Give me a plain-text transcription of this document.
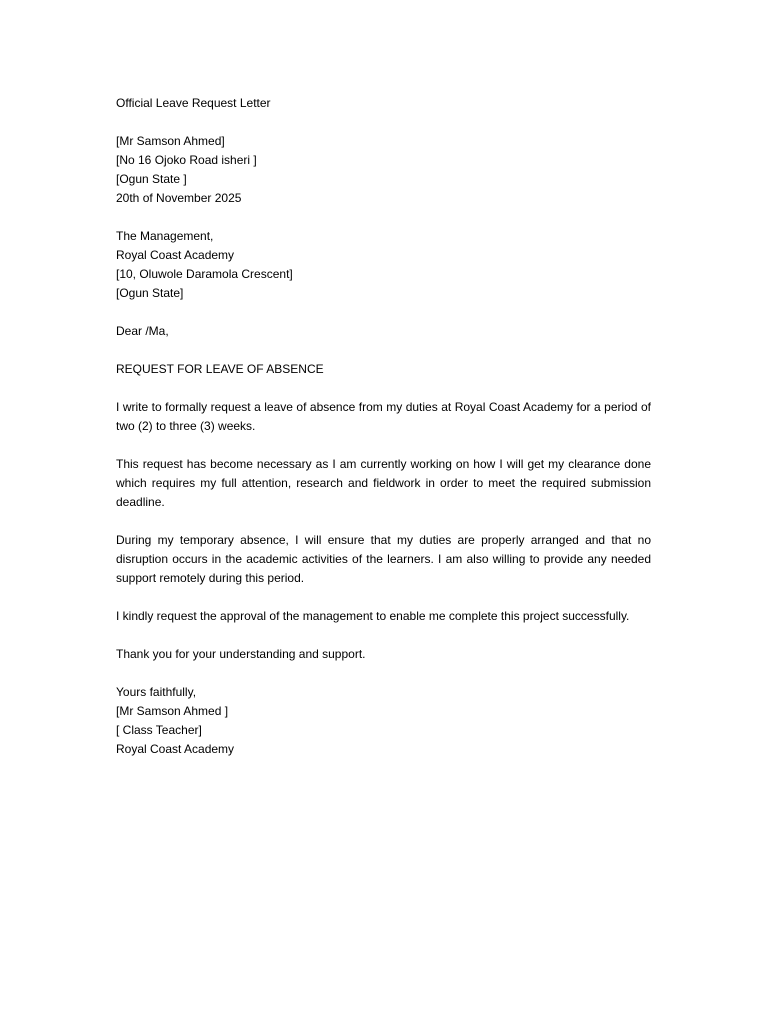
Official Leave Request Letter
[Mr Samson Ahmed]
[No 16 Ojoko Road isheri ]
[Ogun State ]
20th of November 2025
The Management,
Royal Coast Academy
[10, Oluwole Daramola Crescent]
[Ogun State]
Dear /Ma,
REQUEST FOR LEAVE OF ABSENCE

I write to formally request a leave of absence from my duties at Royal Coast Academy for a period of two (2) to three (3) weeks.

This request has become necessary as I am currently working on how I will get my clearance done which requires my full attention, research and fieldwork in order to meet the required submission deadline.

During my temporary absence, I will ensure that my duties are properly arranged and that no disruption occurs in the academic activities of the learners. I am also willing to provide any needed support remotely during this period.

I kindly request the approval of the management to enable me complete this project successfully.

Thank you for your understanding and support.

Yours faithfully,
[Mr Samson Ahmed ]
[ Class Teacher]
Royal Coast Academy
